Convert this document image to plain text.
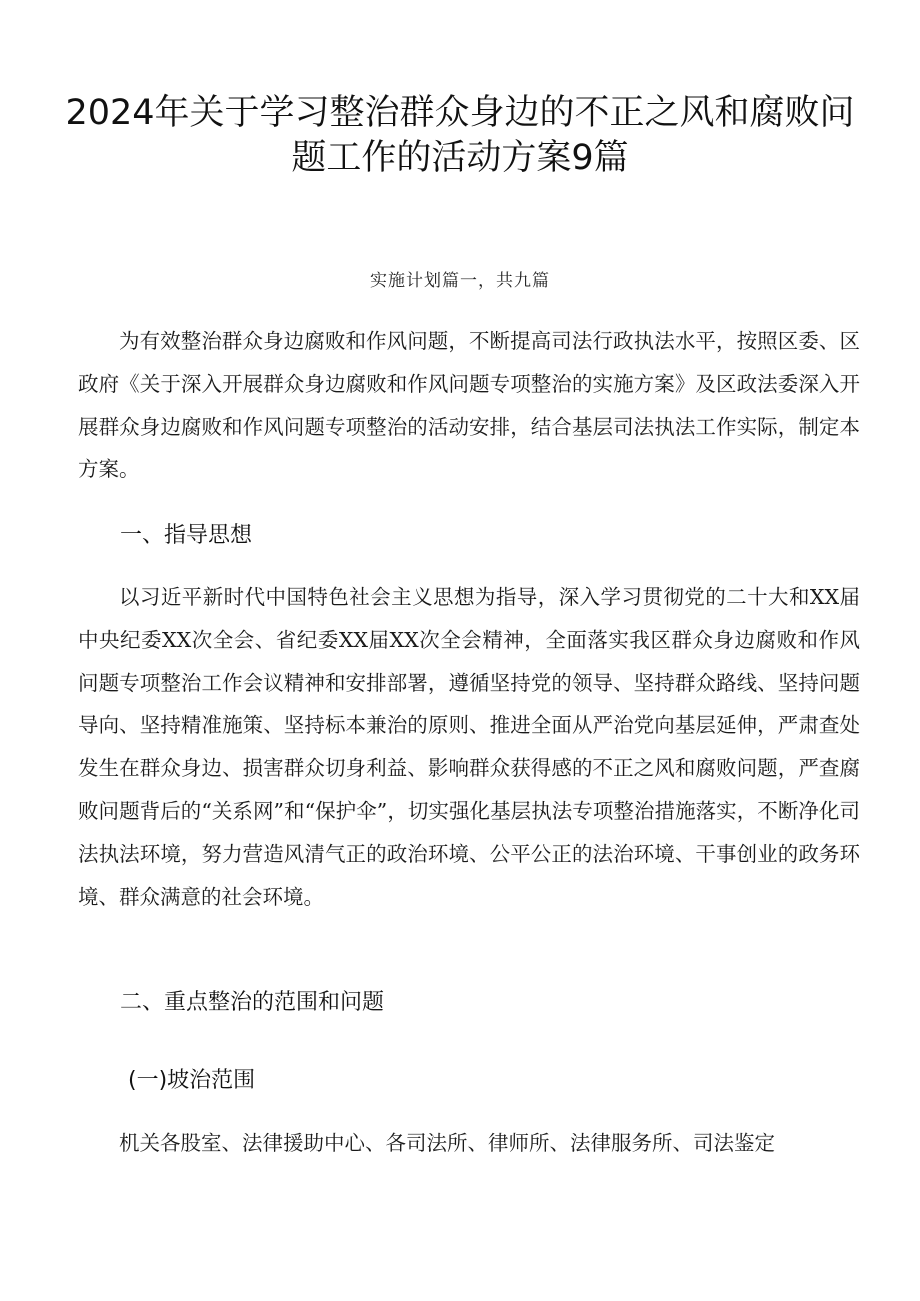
2024年关于学习整治群众身边的不正之风和腐败问
题工作的活动方案9篇
实施计划篇一，共九篇

为有效整治群众身边腐败和作风问题，不断提高司法行政执法水平，按照区委、区政府《关于深入开展群众身边腐败和作风问题专项整治的实施方案》及区政法委深入开展群众身边腐败和作风问题专项整治的活动安排，结合基层司法执法工作实际，制定本方案。

一、指导思想

以习近平新时代中国特色社会主义思想为指导，深入学习贯彻党的二十大和XX届中央纪委XX次全会、省纪委XX届XX次全会精神，全面落实我区群众身边腐败和作风问题专项整治工作会议精神和安排部署，遵循坚持党的领导、坚持群众路线、坚持问题导向、坚持精准施策、坚持标本兼治的原则、推进全面从严治党向基层延伸，严肃查处发生在群众身边、损害群众切身利益、影响群众获得感的不正之风和腐败问题，严查腐败问题背后的“关系网”和“保护伞”，切实强化基层执法专项整治措施落实，不断净化司法执法环境，努力营造风清气正的政治环境、公平公正的法治环境、干事创业的政务环境、群众满意的社会环境。

二、重点整治的范围和问题
(一)坡治范围

机关各股室、法律援助中心、各司法所、律师所、法律服务所、司法鉴定
